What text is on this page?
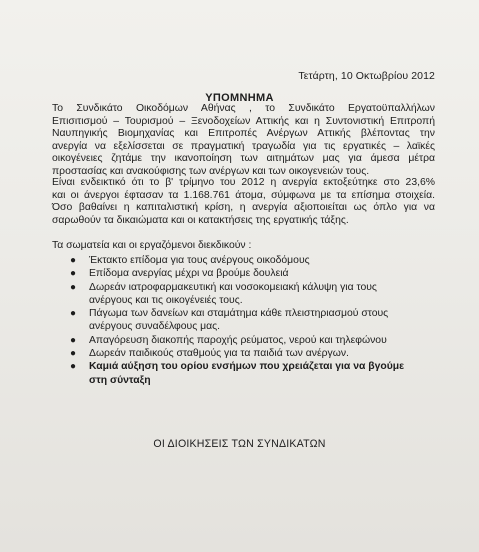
Τετάρτη, 10 Οκτωβρίου 2012
ΥΠΟΜΝΗΜΑ
Το Συνδικάτο Οικοδόμων Αθήνας , το Συνδικάτο Εργατοϋπαλλήλων
Επισιτισμού – Τουρισμού – Ξενοδοχείων Αττικής και η Συντονιστική Επιτροπή
Ναυπηγικής Βιομηχανίας και Επιτροπές Ανέργων Αττικής βλέποντας την
ανεργία να εξελίσσεται σε πραγματική τραγωδία για τις εργατικές – λαϊκές
οικογένειες ζητάμε την ικανοποίηση των αιτημάτων μας για άμεσα μέτρα
προστασίας και ανακούφισης των ανέργων και των οικογενειών τους.
Είναι ενδεικτικό ότι το β' τρίμηνο του 2012 η ανεργία εκτοξεύτηκε στο 23,6%
και οι άνεργοι έφτασαν τα 1.168.761 άτομα, σύμφωνα με τα επίσημα στοιχεία.
Όσο βαθαίνει η καπιταλιστική κρίση, η ανεργία αξιοποιείται ως όπλο για να
σαρωθούν τα δικαιώματα και οι κατακτήσεις της εργατικής τάξης.
Τα σωματεία και οι εργαζόμενοι διεκδικούν :
● Έκτακτο επίδομα για τους ανέργους οικοδόμους
● Επίδομα ανεργίας μέχρι να βρούμε δουλειά
● Δωρεάν ιατροφαρμακευτική και νοσοκομειακή κάλυψη για τους
ανέργους και τις οικογένειές τους.
● Πάγωμα των δανείων και σταμάτημα κάθε πλειστηριασμού στους
ανέργους συναδέλφους μας.
● Απαγόρευση διακοπής παροχής ρεύματος, νερού και τηλεφώνου
● Δωρεάν παιδικούς σταθμούς για τα παιδιά των ανέργων.
● Καμιά αύξηση του ορίου ενσήμων που χρειάζεται για να βγούμε
στη σύνταξη
ΟΙ ΔΙΟΙΚΗΣΕΙΣ ΤΩΝ ΣΥΝΔΙΚΑΤΩΝ
